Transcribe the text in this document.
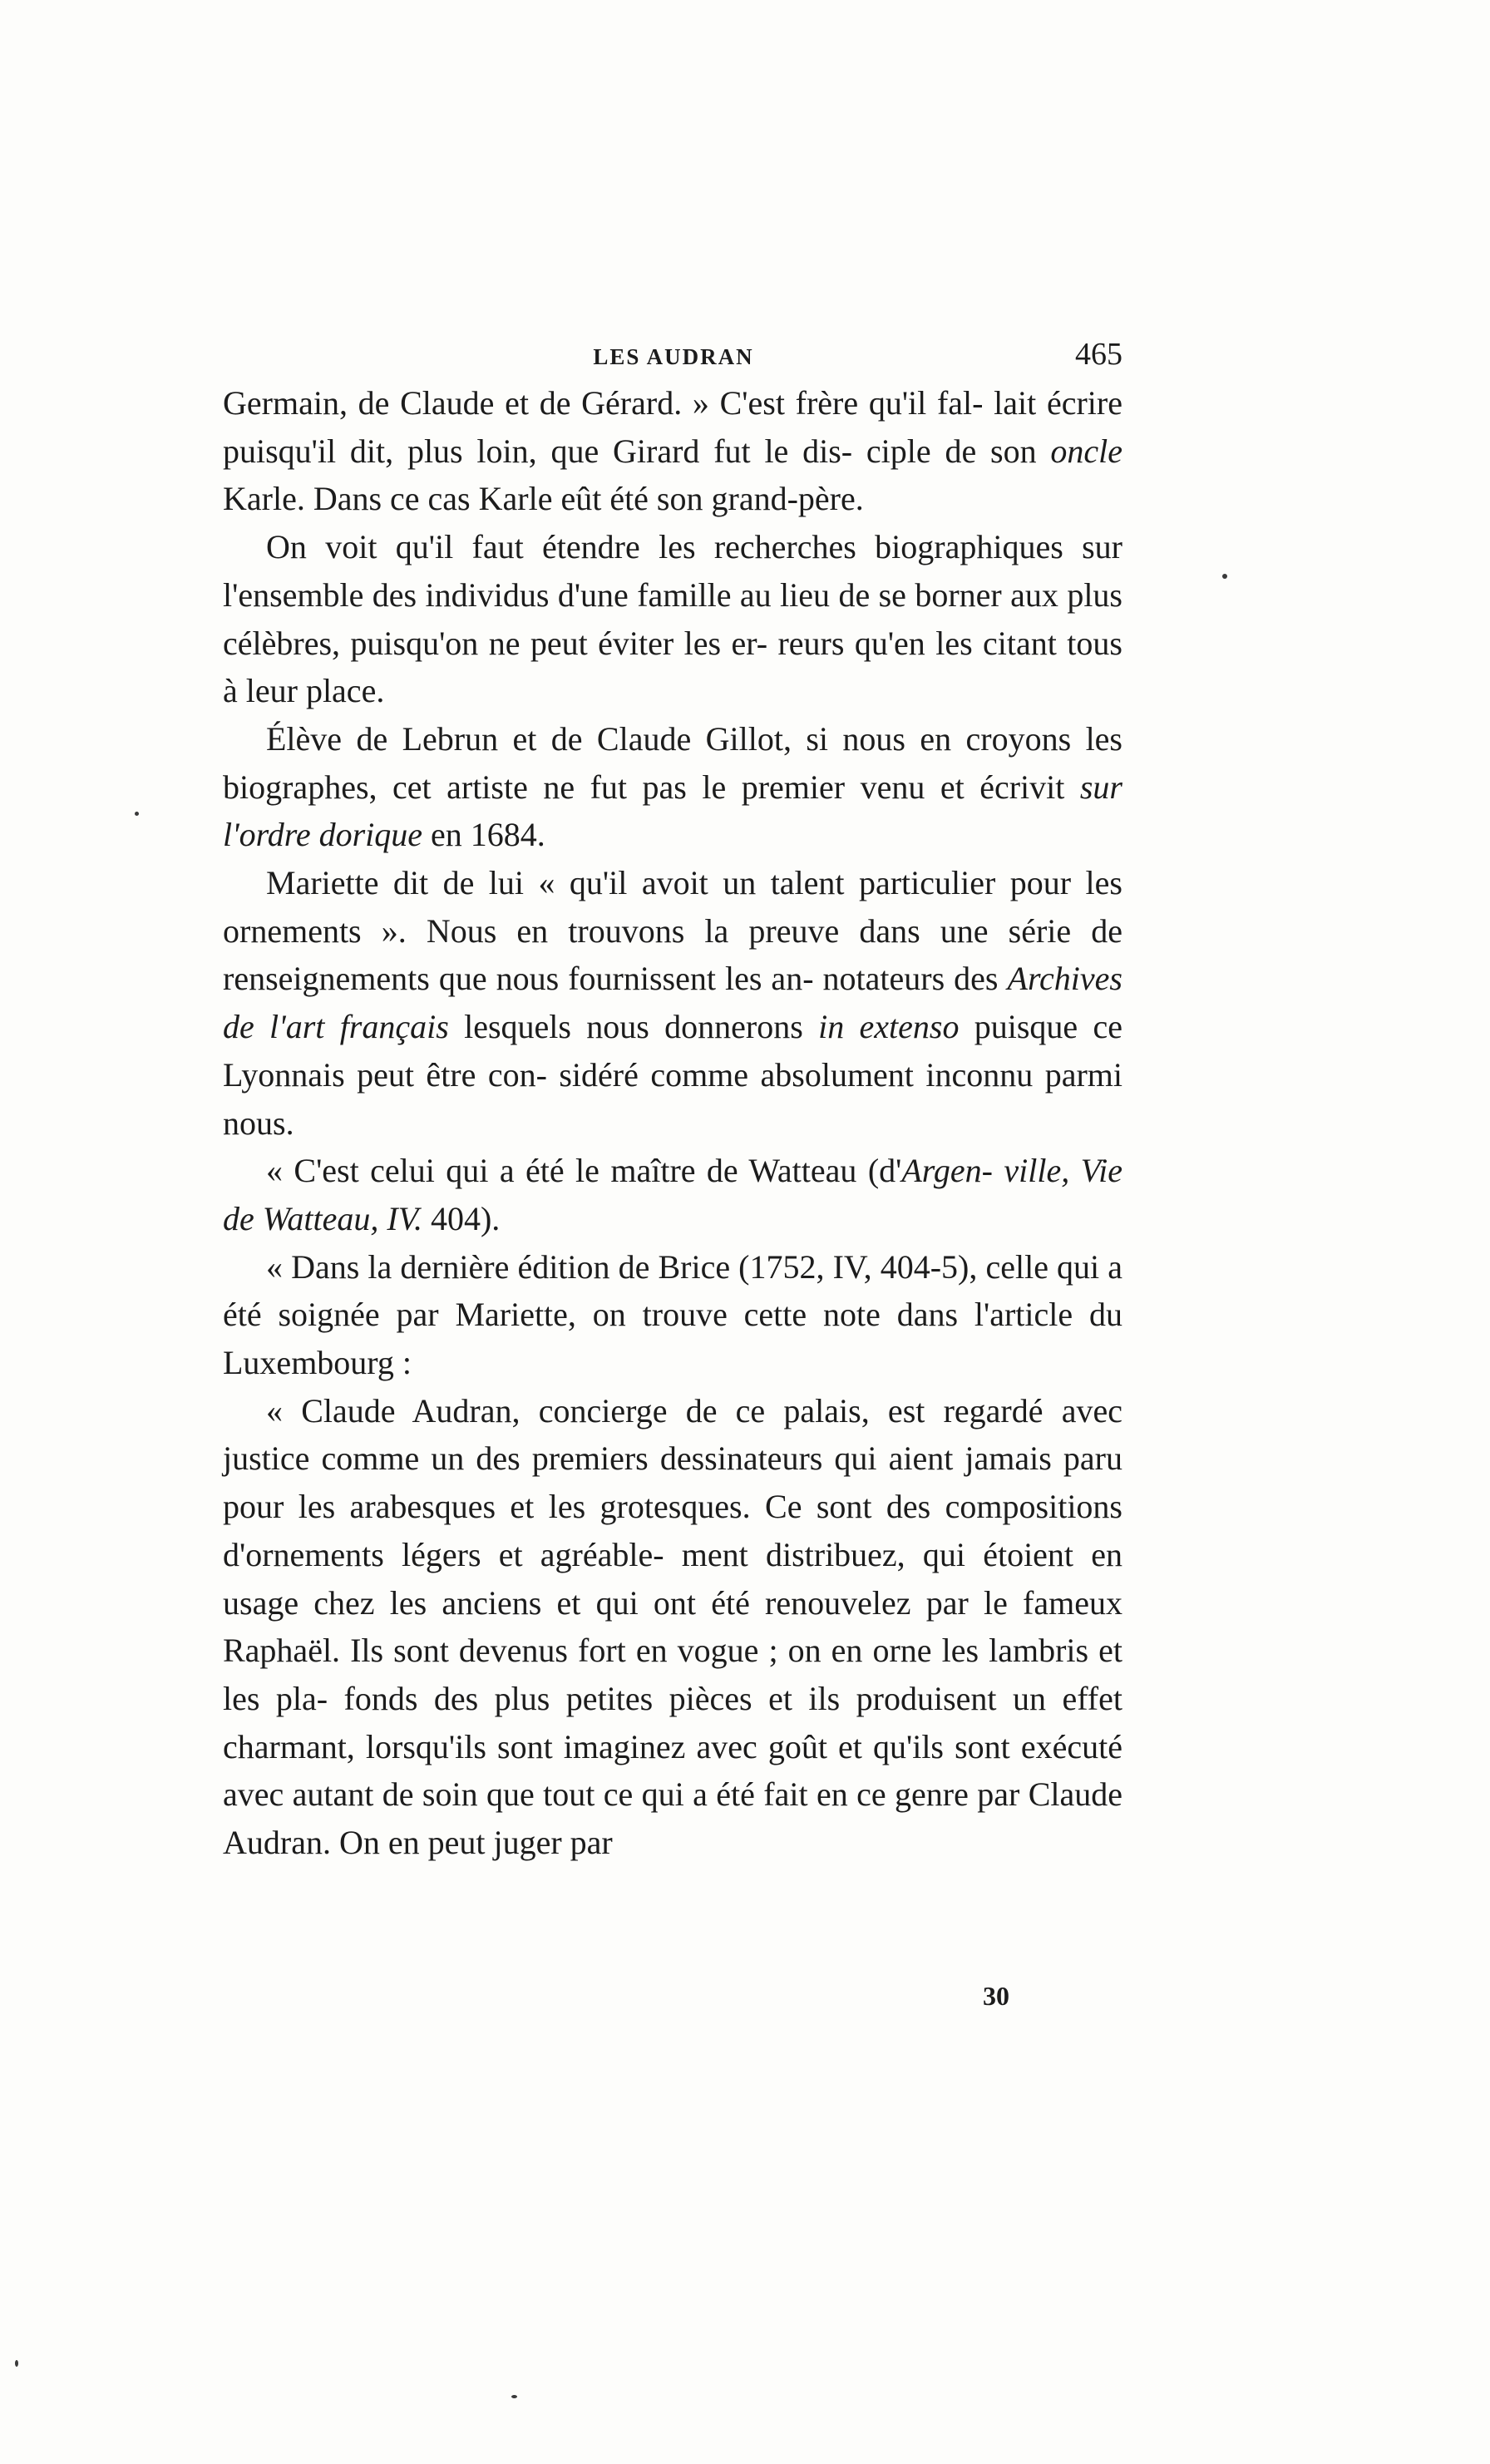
LES AUDRAN	465

Germain, de Claude et de Gérard. » C'est frère qu'il fal- lait écrire puisqu'il dit, plus loin, que Girard fut le dis- ciple de son oncle Karle. Dans ce cas Karle eût été son grand-père.

On voit qu'il faut étendre les recherches biographiques sur l'ensemble des individus d'une famille au lieu de se borner aux plus célèbres, puisqu'on ne peut éviter les er- reurs qu'en les citant tous à leur place.

Élève de Lebrun et de Claude Gillot, si nous en croyons les biographes, cet artiste ne fut pas le premier venu et écrivit sur l'ordre dorique en 1684.

Mariette dit de lui « qu'il avoit un talent particulier pour les ornements ». Nous en trouvons la preuve dans une série de renseignements que nous fournissent les an- notateurs des Archives de l'art français lesquels nous donnerons in extenso puisque ce Lyonnais peut être con- sidéré comme absolument inconnu parmi nous.

« C'est celui qui a été le maître de Watteau (d'Argen- ville, Vie de Watteau, IV. 404).

« Dans la dernière édition de Brice (1752, IV, 404-5), celle qui a été soignée par Mariette, on trouve cette note dans l'article du Luxembourg :

« Claude Audran, concierge de ce palais, est regardé avec justice comme un des premiers dessinateurs qui aient jamais paru pour les arabesques et les grotesques. Ce sont des compositions d'ornements légers et agréable- ment distribuez, qui étoient en usage chez les anciens et qui ont été renouvelez par le fameux Raphaël. Ils sont devenus fort en vogue ; on en orne les lambris et les pla- fonds des plus petites pièces et ils produisent un effet charmant, lorsqu'ils sont imaginez avec goût et qu'ils sont exécuté avec autant de soin que tout ce qui a été fait en ce genre par Claude Audran. On en peut juger par

30
